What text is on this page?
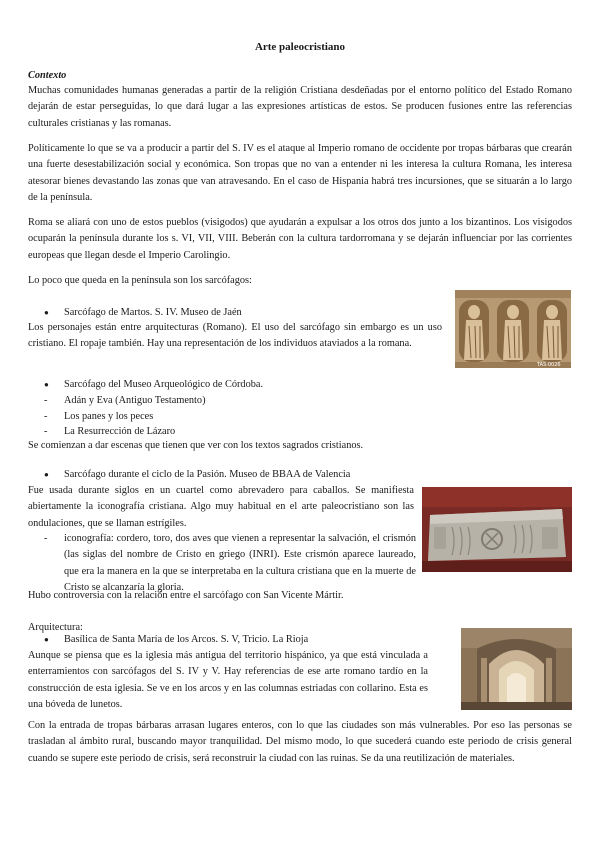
Arte paleocristiano
Contexto
Muchas comunidades humanas generadas a partir de la religión Cristiana desdeñadas por el entorno político del Estado Romano dejarán de estar perseguidas, lo que dará lugar a las expresiones artísticas de estos. Se producen fusiones entre las referencias culturales cristianas y las romanas.
Políticamente lo que se va a producir a partir del S. IV es el ataque al Imperio romano de occidente por tropas bárbaras que crearán una fuerte desestabilización social y económica. Son tropas que no van a entender ni les interesa la cultura Romana, les interesa atesorar bienes devastando las zonas que van atravesando. En el caso de Hispania habrá tres incursiones, que se situarán a lo largo de la península.
Roma se aliará con uno de estos pueblos (visigodos) que ayudarán a expulsar a los otros dos junto a los bizantinos. Los visigodos ocuparán la península durante los s. VI, VII, VIII. Beberán con la cultura tardorromana y se dejarán influenciar por las corrientes europeas que llegan desde el Imperio Carolingio.
Lo poco que queda en la península son los sarcófagos:
● Sarcófago de Martos. S. IV. Museo de Jaén
Los personajes están entre arquitecturas (Romano). El uso del sarcófago sin embargo es un uso cristiano. El ropaje también. Hay una representación de los individuos ataviados a la romana.
TAS·0026
● Sarcófago del Museo Arqueológico de Córdoba.
- Adán y Eva (Antiguo Testamento)
- Los panes y los peces
- La Resurrección de Lázaro
Se comienzan a dar escenas que tienen que ver con los textos sagrados cristianos.
● Sarcófago durante el ciclo de la Pasión. Museo de BBAA de Valencia
Fue usada durante siglos en un cuartel como abrevadero para caballos. Se manifiesta abiertamente la iconografía cristiana. Algo muy habitual en el arte paleocristiano son las ondulaciones, que se llaman estrígiles.
iconografía: cordero, toro, dos aves que vienen a representar la salvación, el crismón (las siglas del nombre de Cristo en griego (INRI). Este crismón aparece laureado, que era la manera en la que se interpretaba en la cultura cristiana que en la muerte de Cristo se alcanzaría la gloria.
-
Hubo controversia con la relación entre el sarcófago con San Vicente Mártir.
Arquitectura:
● Basílica de Santa María de los Arcos. S. V, Tricio. La Rioja
Aunque se piensa que es la iglesia más antigua del territorio hispánico, ya que está vinculada a enterramientos con sarcófagos del S. IV y V. Hay referencias de ese arte romano tardío en la construcción de esta iglesia. Se ve en los arcos y en las columnas estriadas con collarino. Esta es una bóveda de lunetos.
Con la entrada de tropas bárbaras arrasan lugares enteros, con lo que las ciudades son más vulnerables. Por eso las personas se trasladan al ámbito rural, buscando mayor tranquilidad. Del mismo modo, lo que sucederá cuando este periodo de crisis general cuando se supere este periodo de crisis, será reconstruir la ciudad con las ruinas. Se da una reutilización de materiales.
